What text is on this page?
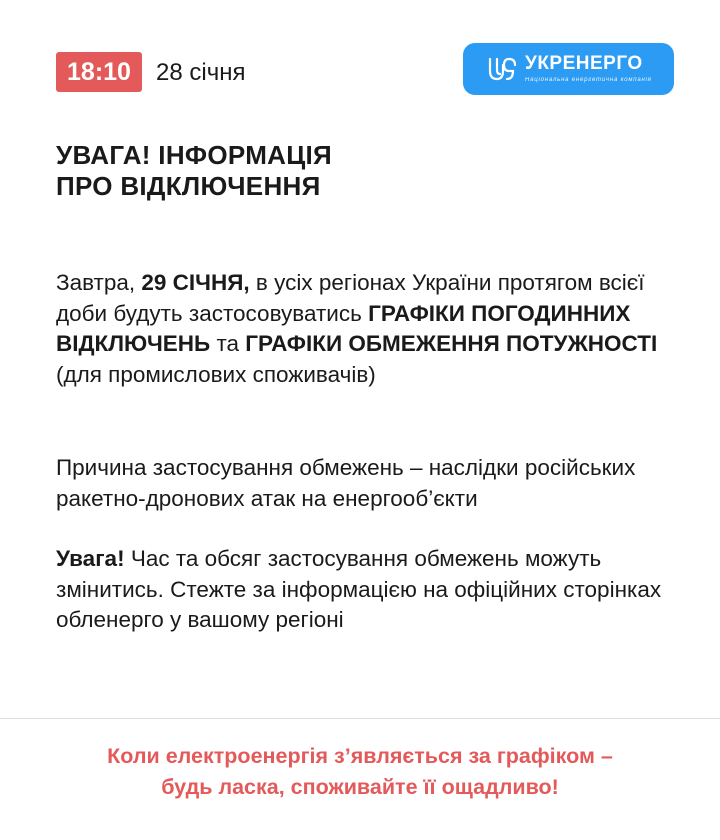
18:10	28 січня	УКРЕНЕРГО
Національна енергетична компанія
УВАГА! ІНФОРМАЦІЯ
ПРО ВІДКЛЮЧЕННЯ

Завтра, 29 СІЧНЯ, в усіх регіонах України протягом всієї доби будуть застосовуватись ГРАФІКИ ПОГОДИННИХ ВІДКЛЮЧЕНЬ та ГРАФІКИ ОБМЕЖЕННЯ ПОТУЖНОСТІ (для промислових споживачів)

Причина застосування обмежень – наслідки російських ракетно-дронових атак на енергооб’єкти

Увага! Час та обсяг застосування обмежень можуть змінитись. Стежте за інформацією на офіційних сторінках обленерго у вашому регіоні

Коли електроенергія з’являється за графіком –
будь ласка, споживайте її ощадливо!
